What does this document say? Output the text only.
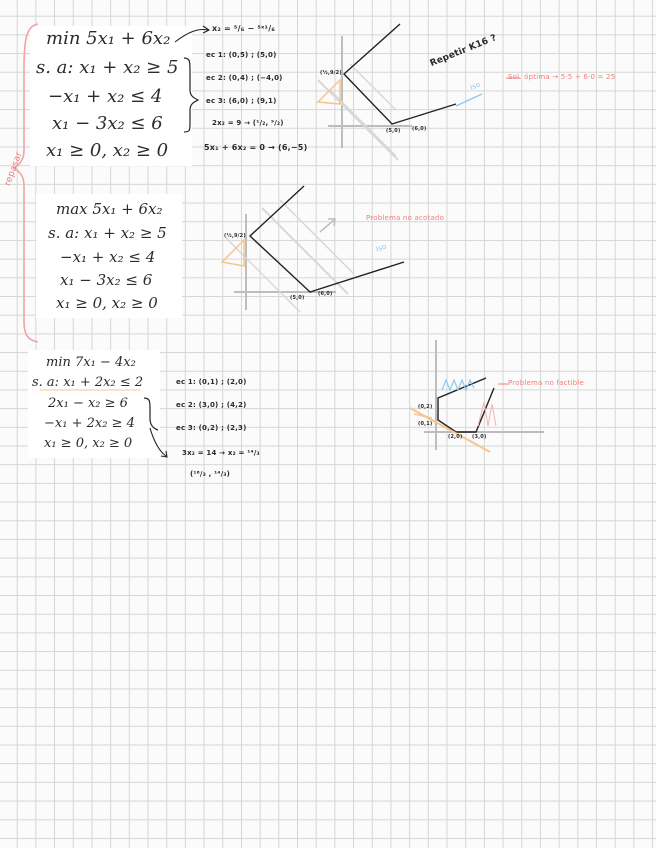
min 5x₁ + 6x₂
s. a: x₁ + x₂ ≥ 5
−x₁ + x₂ ≤ 4
x₁ − 3x₂ ≤ 6
x₁ ≥ 0, x₂ ≥ 0
max 5x₁ + 6x₂
s. a: x₁ + x₂ ≥ 5
−x₁ + x₂ ≤ 4
x₁ − 3x₂ ≤ 6
x₁ ≥ 0, x₂ ≥ 0
min 7x₁ − 4x₂
s. a: x₁ + 2x₂ ≤ 2
2x₁ − x₂ ≥ 6
−x₁ + 2x₂ ≥ 4
x₁ ≥ 0, x₂ ≥ 0
repasar
x₂ = ⁵/₆ − ⁵ˣ¹/₆
ec 1: (0,5) ; (5,0)
ec 2: (0,4) ; (−4,0)
ec 3: (6,0) ; (9,1)
2x₂ = 9 → (¹/₂, ⁹/₂)
5x₁ + 6x₂ = 0 → (6,−5)
(½,9/2)
(5,0) (6,0)
Iso
Repetir K16 ?
Sol. óptima → 5·5 + 6·0 = 25
(½,9/2)
(5,0)
(6,0)
Iso
Problema no acotado
ec 1: (0,1) ; (2,0)
ec 2: (3,0) ; (4,2)
ec 3: (0,2) ; (2,3)
3x₂ = 14 → x₂ = ¹⁴/₃
(¹⁶/₃ , ¹⁴/₃)
(0,2)
(0,1)
(2,0) (3,0)
Problema no factible
